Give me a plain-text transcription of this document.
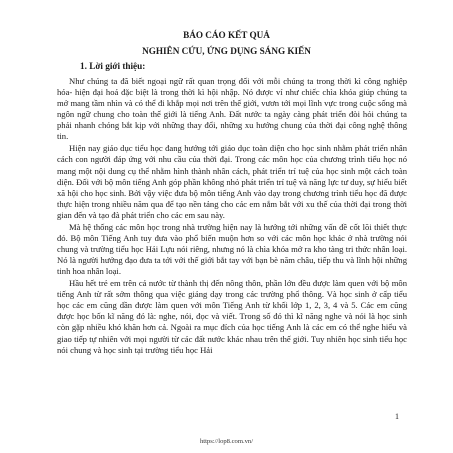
BÁO CÁO KẾT QUẢ
NGHIÊN CỨU, ỨNG DỤNG SÁNG KIẾN
1. Lời giới thiệu:

Như chúng ta đã biết ngoại ngữ rất quan trọng đối với mỗi chúng ta trong thời kì công nghiệp hóa- hiện đại hoá đặc biệt là trong thời kì hội nhập. Nó được ví như chiếc chìa khóa giúp chúng ta mở mang tầm nhìn và có thể đi khắp mọi nơi trên thế giới, vươn tới mọi lĩnh vực trong cuộc sống mà ngôn ngữ chung cho toàn thế giới là tiếng Anh. Đất nước ta ngày càng phát triển đòi hỏi chúng ta phải nhanh chóng bắt kịp với những thay đổi, những xu hướng chung của thời đại công nghệ thông tin.

Hiện nay giáo dục tiểu học đang hướng tới giáo dục toàn diện cho học sinh nhằm phát triển nhân cách con người đáp ứng với nhu cầu của thời đại. Trong các môn học của chương trình tiểu học nó mang một nội dung cụ thể nhằm hình thành nhân cách, phát triển trí tuệ của học sinh một cách toàn diện. Đối với bộ môn tiếng Anh góp phần không nhỏ phát triển trí tuệ và năng lực tư duy, sự hiểu biết xã hội cho học sinh. Bởi vậy việc đưa bộ môn tiếng Anh vào dạy trong chương trình tiểu học đã được thực hiện trong nhiều năm qua để tạo nền tảng cho các em nắm bắt với xu thế của thời đại trong thời gian đến và tạo đà phát triển cho các em sau này.

Mà hệ thống các môn học trong nhà trường hiện nay là hướng tới những vấn đề cốt lõi thiết thực đó. Bộ môn Tiếng Anh tuy đưa vào phổ biến muộn hơn so với các môn học khác ở nhà trường nói chung và trường tiểu học Hải Lựu nói riêng, nhưng nó là chìa khóa mở ra kho tàng tri thức nhân loại. Nó là người hướng đạo đưa ta tới với thế giới bắt tay với bạn bè năm châu, tiếp thu và lĩnh hội những tinh hoa nhân loại.

Hầu hết trẻ em trên cả nước từ thành thị đến nông thôn, phần lớn đều được làm quen với bộ môn tiếng Anh từ rất sớm thông qua việc giảng dạy trong các trường phổ thông. Và học sinh ở cấp tiểu học các em cũng dần được làm quen với môn Tiếng Anh từ khối lớp 1, 2, 3, 4 và 5. Các em cũng được học bốn kĩ năng đó là: nghe, nói, đọc và viết. Trong số đó thì kĩ năng nghe và nói là học sinh còn gặp nhiều khó khăn hơn cả. Ngoài ra mục đích của học tiếng Anh là các em có thể nghe hiểu và giao tiếp tự nhiên với mọi người từ các đất nước khác nhau trên thế giới. Tuy nhiên học sinh tiểu học nói chung và học sinh tại trường tiểu học Hải

1
https://lop8.com.vn/
